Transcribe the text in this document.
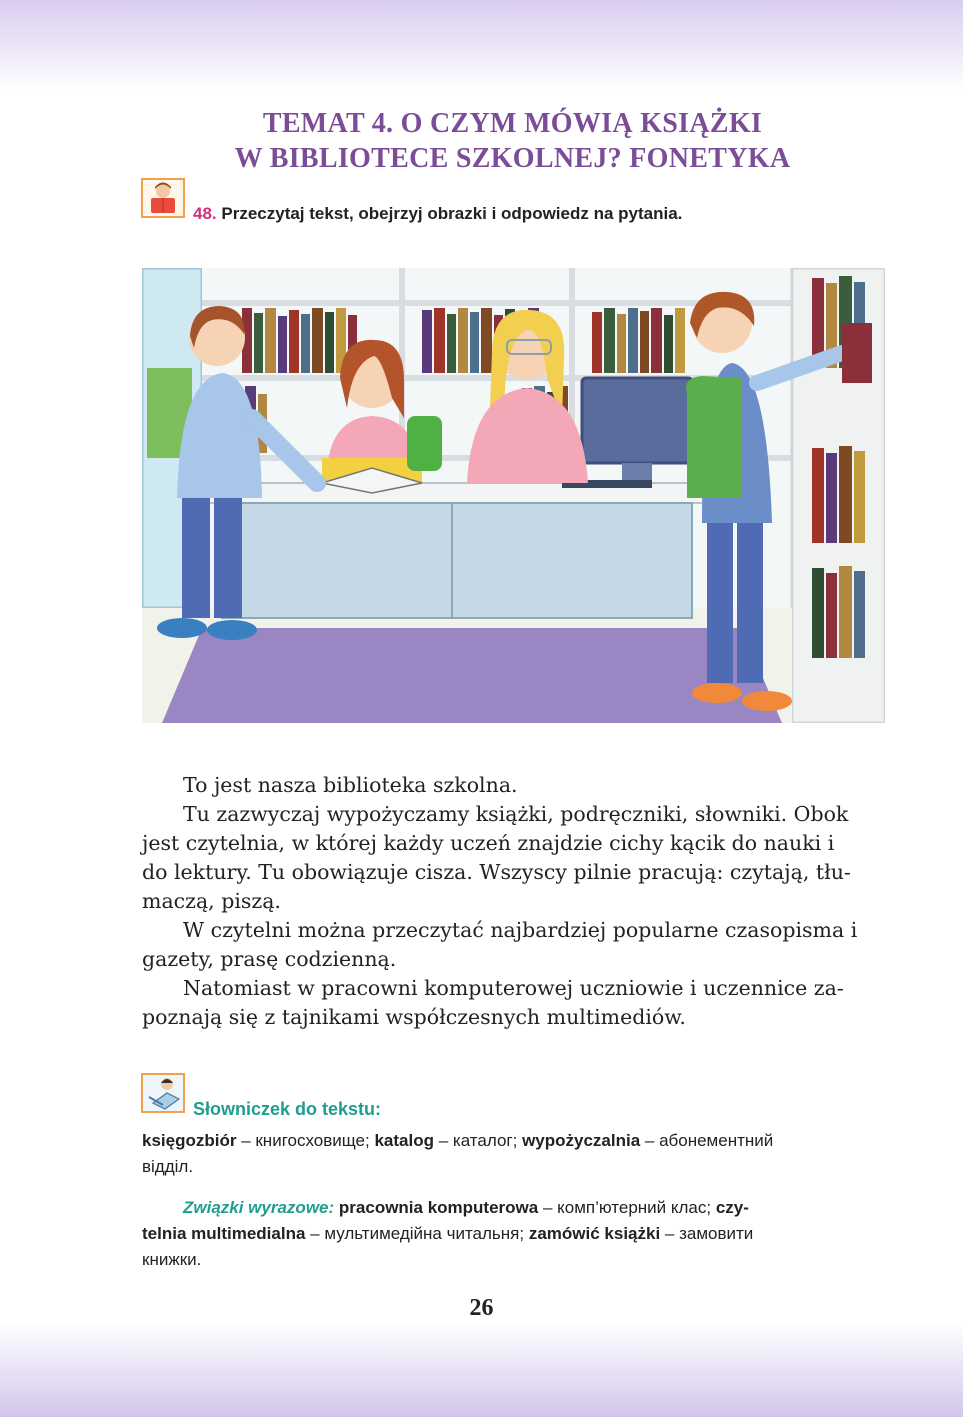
TEMAT 4. O CZYM MÓWIĄ KSIĄŻKI
W BIBLIOTECE SZKOLNEJ? FONETYKA
48. Przeczytaj tekst, obejrzyj obrazki i odpowiedz na pytania.
To jest nasza biblioteka szkolna.
Tu zazwyczaj wypożyczamy książki, podręczniki, słowniki. Obok
jest czytelnia, w której każdy uczeń znajdzie cichy kącik do nauki i
do lektury. Tu obowiązuje cisza. Wszyscy pilnie pracują: czytają, tłu-
maczą, piszą.
W czytelni można przeczytać najbardziej popularne czasopisma i
gazety, prasę codzienną.
Natomiast w pracowni komputerowej uczniowie i uczennice za-
poznają się z tajnikami współczesnych multimediów.
Słowniczek do tekstu:
księgozbiór – книгосховище; katalog – каталог; wypożyczalnia – абонементний
відділ.
Związki wyrazowe: pracownia komputerowa – комп’ютерний клас; czy-
telnia multimedialna – мультимедійна читальня; zamówić książki – замовити
книжки.
26
